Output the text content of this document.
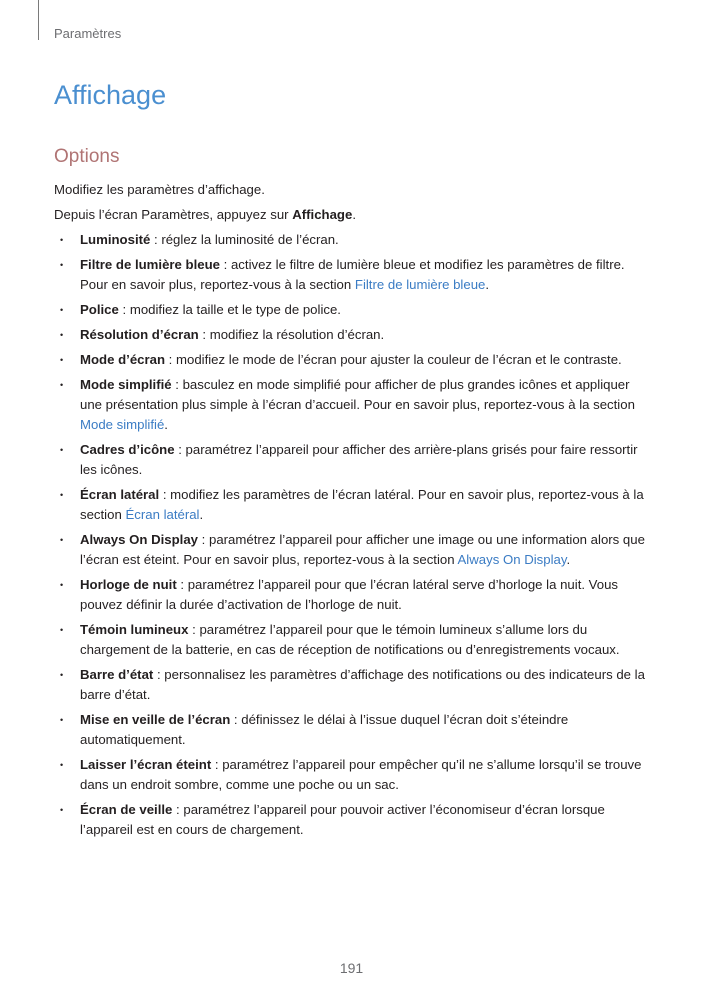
Paramètres
Affichage
Options

Modifiez les paramètres d’affichage.

Depuis l’écran Paramètres, appuyez sur Affichage.

• Luminosité : réglez la luminosité de l’écran.
• Filtre de lumière bleue : activez le filtre de lumière bleue et modifiez les paramètres de filtre. Pour en savoir plus, reportez-vous à la section Filtre de lumière bleue.
• Police : modifiez la taille et le type de police.
• Résolution d’écran : modifiez la résolution d’écran.
• Mode d’écran : modifiez le mode de l’écran pour ajuster la couleur de l’écran et le contraste.
• Mode simplifié : basculez en mode simplifié pour afficher de plus grandes icônes et appliquer une présentation plus simple à l’écran d’accueil. Pour en savoir plus, reportez-vous à la section Mode simplifié.
• Cadres d’icône : paramétrez l’appareil pour afficher des arrière-plans grisés pour faire ressortir les icônes.
• Écran latéral : modifiez les paramètres de l’écran latéral. Pour en savoir plus, reportez-vous à la section Écran latéral.
• Always On Display : paramétrez l’appareil pour afficher une image ou une information alors que l’écran est éteint. Pour en savoir plus, reportez-vous à la section Always On Display.
• Horloge de nuit : paramétrez l’appareil pour que l’écran latéral serve d’horloge la nuit. Vous pouvez définir la durée d’activation de l’horloge de nuit.
• Témoin lumineux : paramétrez l’appareil pour que le témoin lumineux s’allume lors du chargement de la batterie, en cas de réception de notifications ou d’enregistrements vocaux.
• Barre d’état : personnalisez les paramètres d’affichage des notifications ou des indicateurs de la barre d’état.
• Mise en veille de l’écran : définissez le délai à l’issue duquel l’écran doit s’éteindre automatiquement.
• Laisser l’écran éteint : paramétrez l’appareil pour empêcher qu’il ne s’allume lorsqu’il se trouve dans un endroit sombre, comme une poche ou un sac.
• Écran de veille : paramétrez l’appareil pour pouvoir activer l’économiseur d’écran lorsque l’appareil est en cours de chargement.
191
